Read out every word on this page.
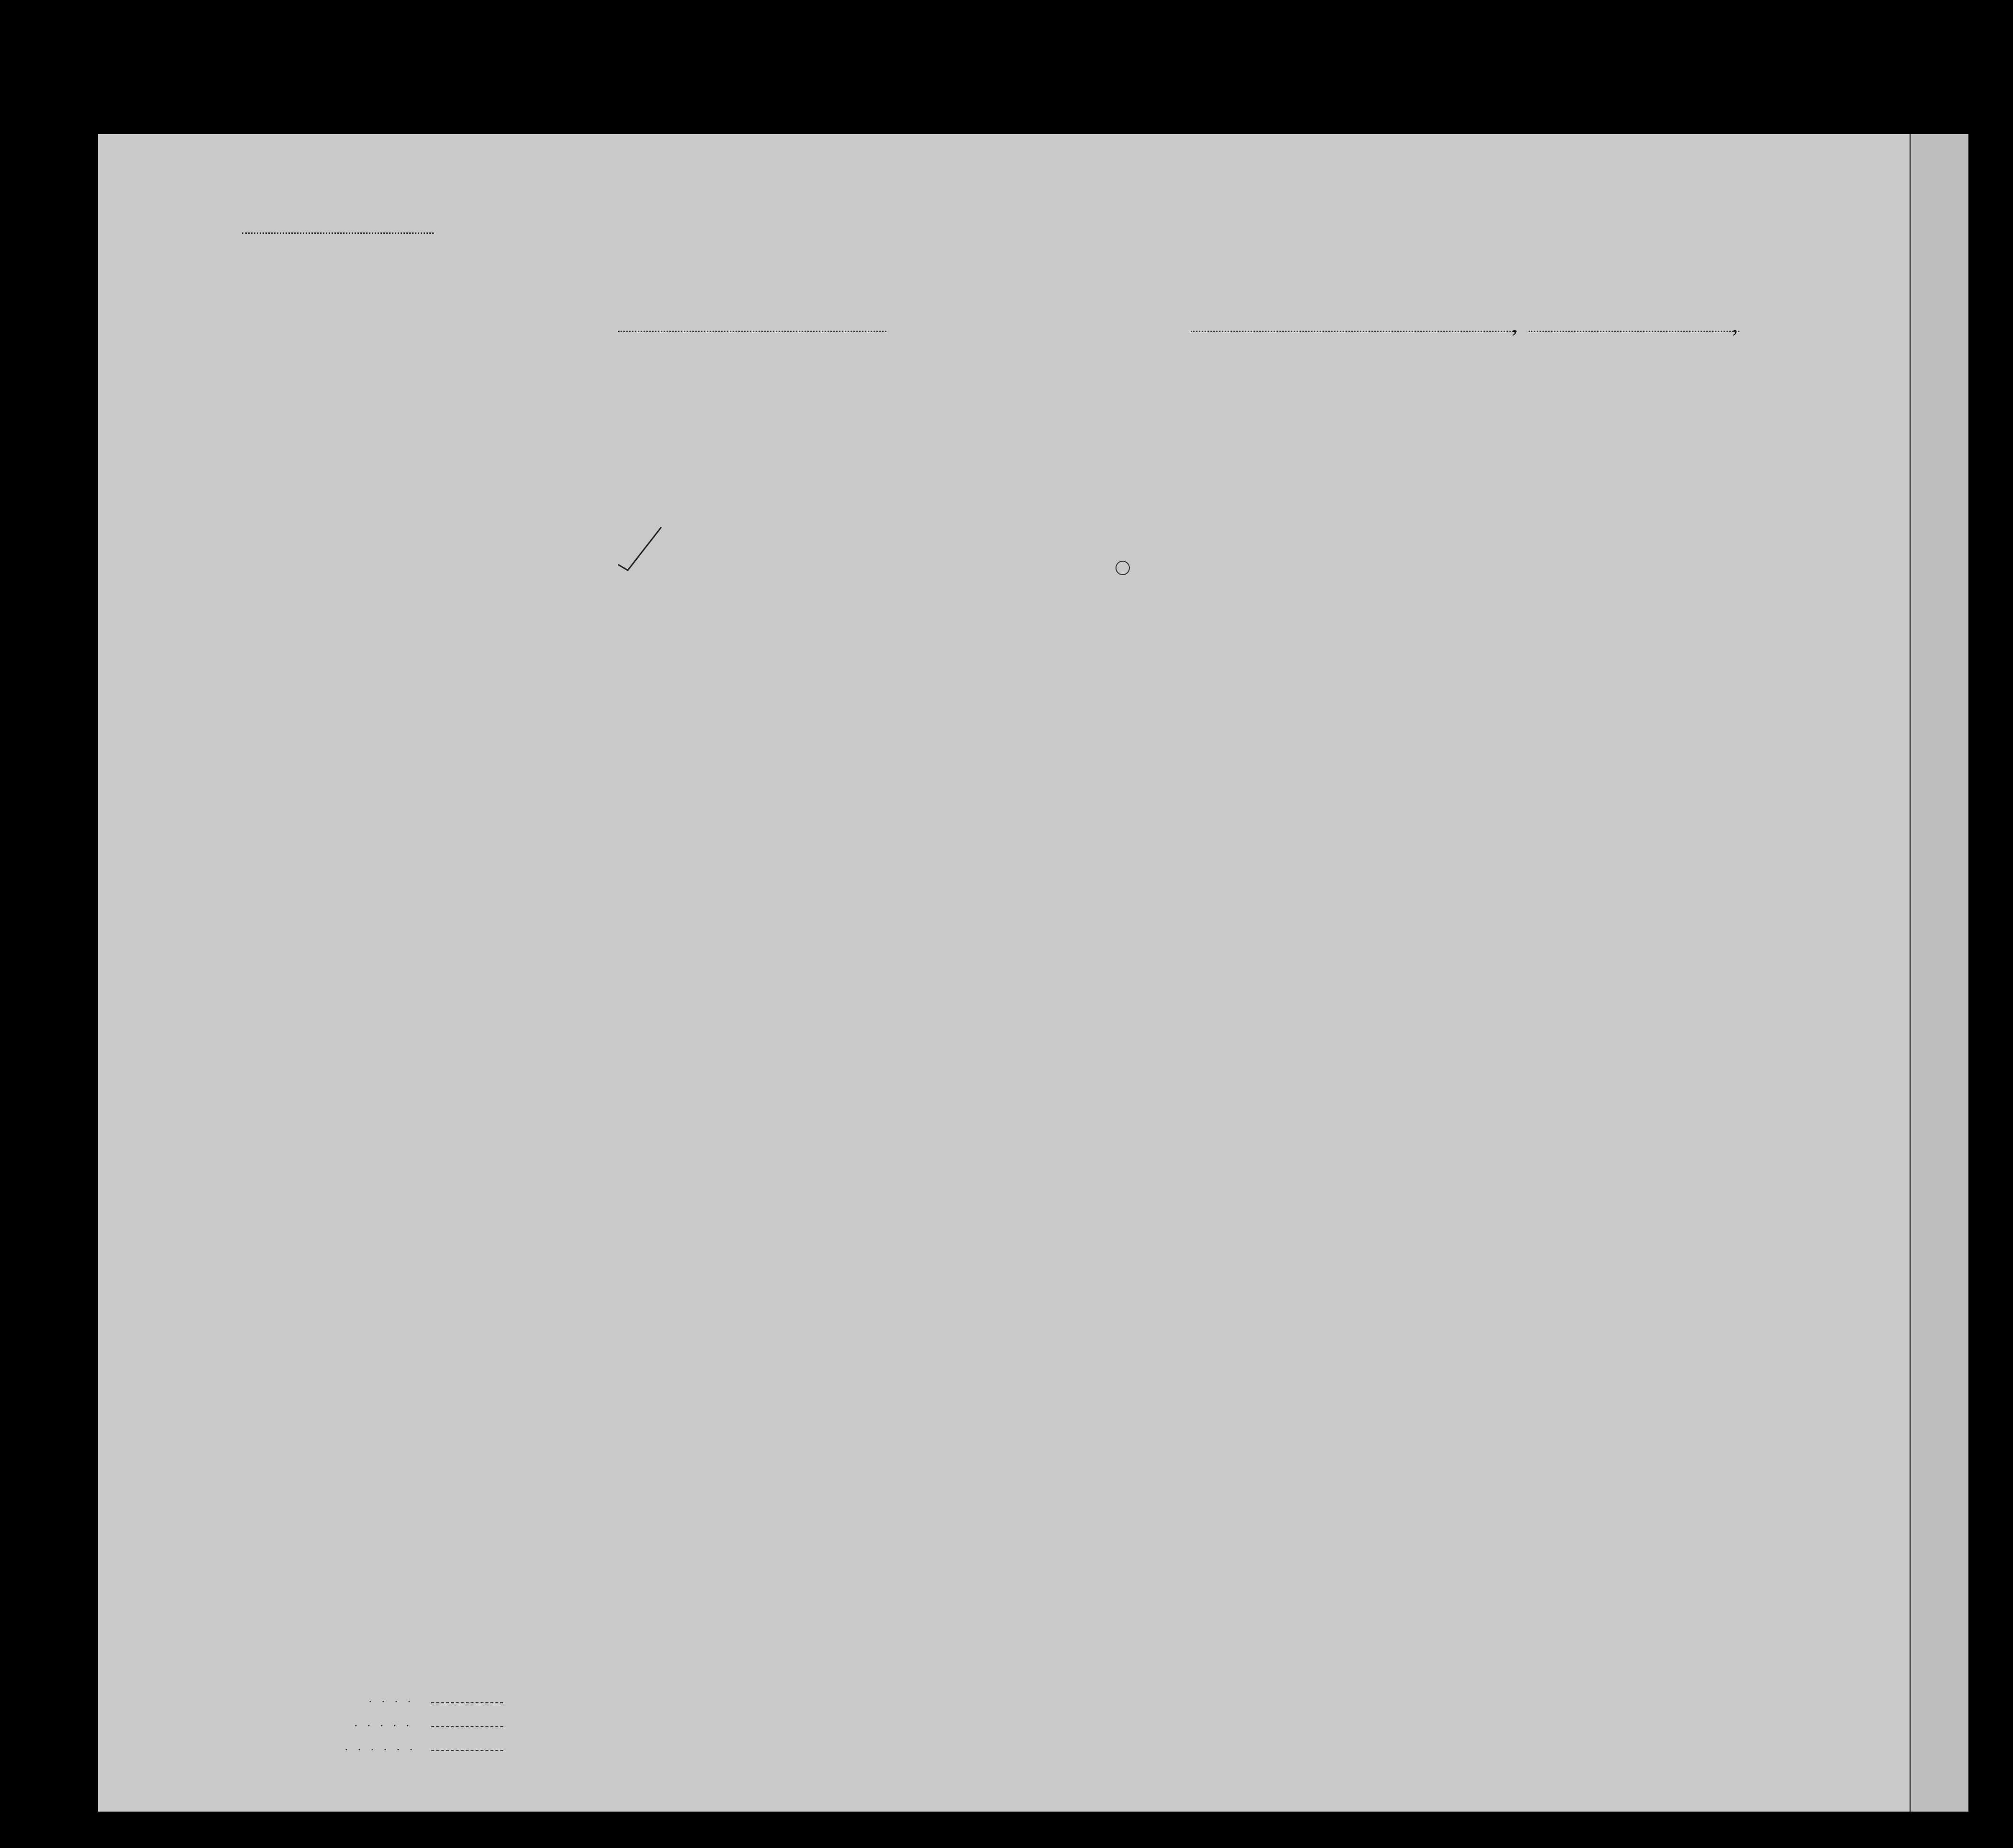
,	,
. . . .
. . . . .
. . . . . .
